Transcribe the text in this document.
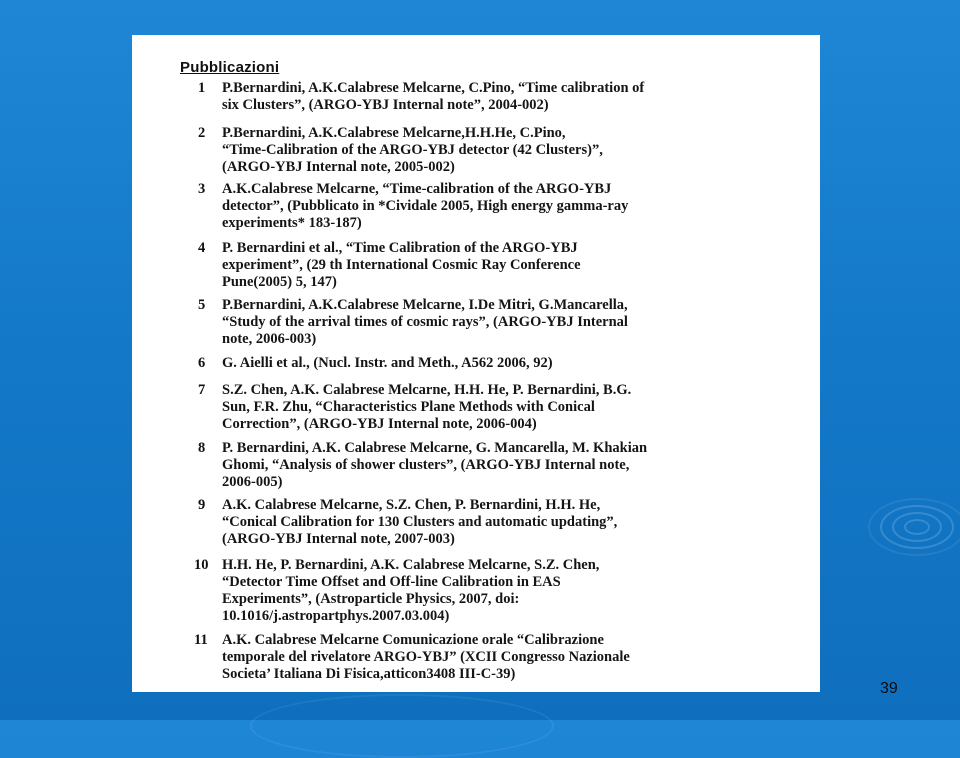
Pubblicazioni
1	P.Bernardini, A.K.Calabrese Melcarne, C.Pino, “Time calibration of
six Clusters”, (ARGO-YBJ Internal note”, 2004-002)
2	P.Bernardini, A.K.Calabrese Melcarne,H.H.He, C.Pino,
“Time-Calibration of the ARGO-YBJ detector (42 Clusters)”,
(ARGO-YBJ Internal note, 2005-002)
3	A.K.Calabrese Melcarne, “Time-calibration of the ARGO-YBJ
detector”, (Pubblicato in *Cividale 2005, High energy gamma-ray
experiments* 183-187)
4	P. Bernardini et al., “Time Calibration of the ARGO-YBJ
experiment”, (29 th International Cosmic Ray Conference
Pune(2005) 5, 147)
5	P.Bernardini, A.K.Calabrese Melcarne, I.De Mitri, G.Mancarella,
“Study of the arrival times of cosmic rays”, (ARGO-YBJ Internal
note, 2006-003)
6	G. Aielli et al., (Nucl. Instr. and Meth., A562 2006, 92)
7	S.Z. Chen, A.K. Calabrese Melcarne, H.H. He, P. Bernardini, B.G.
Sun, F.R. Zhu, “Characteristics Plane Methods with Conical
Correction”, (ARGO-YBJ Internal note, 2006-004)
8	P. Bernardini, A.K. Calabrese Melcarne, G. Mancarella, M. Khakian
Ghomi, “Analysis of shower clusters”, (ARGO-YBJ Internal note,
2006-005)
9	A.K. Calabrese Melcarne, S.Z. Chen, P. Bernardini, H.H. He,
“Conical Calibration for 130 Clusters and automatic updating”,
(ARGO-YBJ Internal note, 2007-003)
10 H.H. He, P. Bernardini, A.K. Calabrese Melcarne, S.Z. Chen,
“Detector Time Offset and Off-line Calibration in EAS
Experiments”, (Astroparticle Physics, 2007, doi:
10.1016/j.astropartphys.2007.03.004)
11 A.K. Calabrese Melcarne Comunicazione orale “Calibrazione
temporale del rivelatore ARGO-YBJ” (XCII Congresso Nazionale
Societa’ Italiana Di Fisica,atticon3408 III-C-39)
39
